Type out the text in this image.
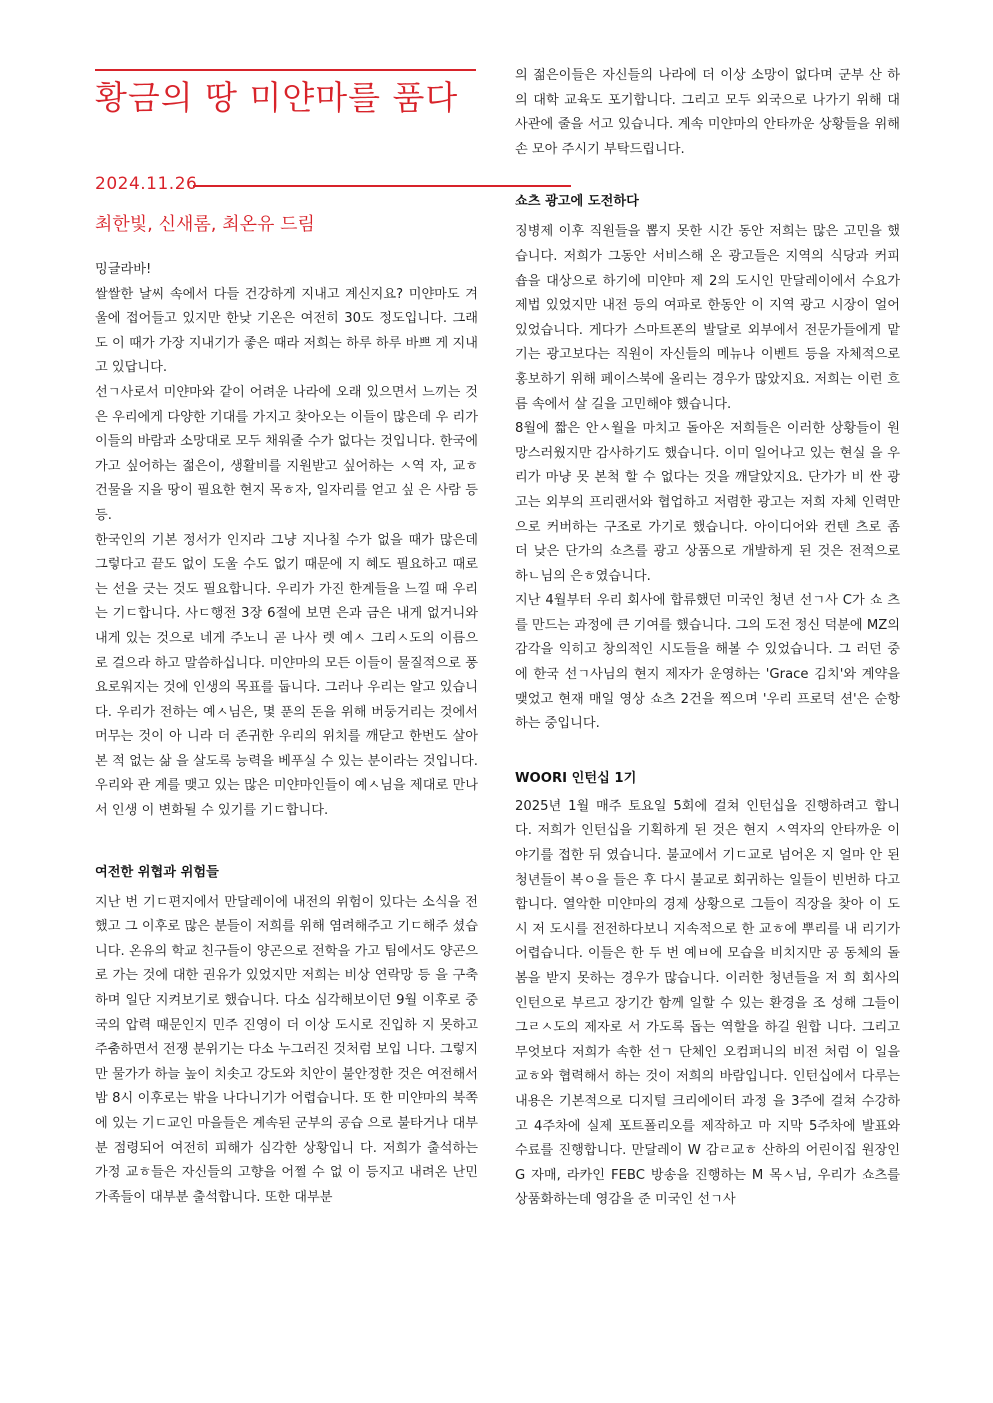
황금의 땅 미얀마를 품다
2024.11.26
최한빛, 신새롬, 최온유 드림

밍글라바!

쌀쌀한 날씨 속에서 다들 건강하게 지내고 계신지요? 미얀마도 겨울에 접어들고 있지만 한낮 기온은 여전히 30도 정도입니다. 그래도 이 때가 가장 지내기가 좋은 때라 저희는 하루 하루 바쁘 게 지내고 있답니다.

선ㄱ사로서 미얀마와 같이 어려운 나라에 오래 있으면서 느끼는 것은 우리에게 다양한 기대를 가지고 찾아오는 이들이 많은데 우 리가 이들의 바람과 소망대로 모두 채워줄 수가 없다는 것입니다. 한국에 가고 싶어하는 젊은이, 생활비를 지원받고 싶어하는 ㅅ역 자, 교ㅎ 건물을 지을 땅이 필요한 현지 목ㅎ자, 일자리를 얻고 싶 은 사람 등등.

한국인의 기본 정서가 인지라 그냥 지나칠 수가 없을 때가 많은데 그렇다고 끝도 없이 도울 수도 없기 때문에 지 혜도 필요하고 때로는 선을 긋는 것도 필요합니다. 우리가 가진 한계들을 느낄 때 우리는 기ㄷ합니다. 사ㄷ행전 3장 6절에 보면 은과 금은 내게 없거니와 내게 있는 것으로 네게 주노니 곧 나사 렛 예ㅅ 그리ㅅ도의 이름으로 걸으라 하고 말씀하십니다. 미얀마의 모든 이들이 물질적으로 풍요로워지는 것에 인생의 목표를 둡니다. 그러나 우리는 알고 있습니다. 우리가 전하는 예ㅅ님은, 몇 푼의 돈을 위해 버둥거리는 것에서 머무는 것이 아 니라 더 존귀한 우리의 위치를 깨닫고 한번도 살아본 적 없는 삶 을 살도록 능력을 베푸실 수 있는 분이라는 것입니다. 우리와 관 계를 맺고 있는 많은 미얀마인들이 예ㅅ님을 제대로 만나서 인생 이 변화될 수 있기를 기ㄷ합니다.

여전한 위협과 위험들

지난 번 기ㄷ편지에서 만달레이에 내전의 위험이 있다는 소식을 전했고 그 이후로 많은 분들이 저희를 위해 염려해주고 기ㄷ해주 셨습니다. 온유의 학교 친구들이 양곤으로 전학을 가고 팀에서도 양곤으로 가는 것에 대한 권유가 있었지만 저희는 비상 연락망 등 을 구축하며 일단 지켜보기로 했습니다. 다소 심각해보이던 9월 이후로 중국의 압력 때문인지 민주 진영이 더 이상 도시로 진입하 지 못하고 주춤하면서 전쟁 분위기는 다소 누그러진 것처럼 보입 니다. 그렇지만 물가가 하늘 높이 치솟고 강도와 치안이 불안정한 것은 여전해서 밤 8시 이후로는 밖을 나다니기가 어렵습니다. 또 한 미얀마의 북쪽에 있는 기ㄷ교인 마을들은 계속된 군부의 공습 으로 불타거나 대부분 점령되어 여전히 피해가 심각한 상황입니 다. 저희가 출석하는 가정 교ㅎ들은 자신들의 고향을 어쩔 수 없 이 등지고 내려온 난민 가족들이 대부분 출석합니다. 또한 대부분

의 젊은이들은 자신들의 나라에 더 이상 소망이 없다며 군부 산 하의 대학 교육도 포기합니다. 그리고 모두 외국으로 나가기 위해 대사관에 줄을 서고 있습니다. 계속 미얀마의 안타까운 상황들을 위해 손 모아 주시기 부탁드립니다.

쇼츠 광고에 도전하다

징병제 이후 직원들을 뽑지 못한 시간 동안 저희는 많은 고민을 했 습니다. 저희가 그동안 서비스해 온 광고들은 지역의 식당과 커피 숍을 대상으로 하기에 미얀마 제 2의 도시인 만달레이에서 수요가 제법 있었지만 내전 등의 여파로 한동안 이 지역 광고 시장이 얼어 있었습니다. 게다가 스마트폰의 발달로 외부에서 전문가들에게 맡 기는 광고보다는 직원이 자신들의 메뉴나 이벤트 등을 자체적으로 홍보하기 위해 페이스북에 올리는 경우가 많았지요. 저희는 이런 흐름 속에서 살 길을 고민해야 했습니다.

8월에 짧은 안ㅅ월을 마치고 돌아온 저희들은 이러한 상황들이 원망스러웠지만 감사하기도 했습니다. 이미 일어나고 있는 현실 을 우리가 마냥 못 본척 할 수 없다는 것을 깨달았지요. 단가가 비 싼 광고는 외부의 프리랜서와 협업하고 저렴한 광고는 저희 자체 인력만으로 커버하는 구조로 가기로 했습니다. 아이디어와 컨텐 츠로 좀 더 낮은 단가의 쇼츠를 광고 상품으로 개발하게 된 것은 전적으로 하ㄴ님의 은ㅎ였습니다.

지난 4월부터 우리 회사에 합류했던 미국인 청년 선ㄱ사 C가 쇼 츠를 만드는 과정에 큰 기여를 했습니다. 그의 도전 정신 덕분에 MZ의 감각을 익히고 창의적인 시도들을 해볼 수 있었습니다. 그 러던 중에 한국 선ㄱ사님의 현지 제자가 운영하는 'Grace 김치'와 계약을 맺었고 현재 매일 영상 쇼츠 2건을 찍으며 '우리 프로덕 션'은 순항하는 중입니다.

WOORI 인턴십 1기

2025년 1월 매주 토요일 5회에 걸쳐 인턴십을 진행하려고 합니 다. 저희가 인턴십을 기획하게 된 것은 현지 ㅅ역자의 안타까운 이 야기를 접한 뒤 였습니다. 불교에서 기ㄷ교로 넘어온 지 얼마 안 된 청년들이 복ㅇ을 들은 후 다시 불교로 회귀하는 일들이 빈번하 다고 합니다. 열악한 미얀마의 경제 상황으로 그들이 직장을 찾아 이 도시 저 도시를 전전하다보니 지속적으로 한 교ㅎ에 뿌리를 내 리기가 어렵습니다. 이들은 한 두 번 예ㅂ에 모습을 비치지만 공 동체의 돌봄을 받지 못하는 경우가 많습니다. 이러한 청년들을 저 희 회사의 인턴으로 부르고 장기간 함께 일할 수 있는 환경을 조 성해 그들이 그ㄹㅅ도의 제자로 서 가도록 돕는 역할을 하길 원합 니다. 그리고 무엇보다 저희가 속한 선ㄱ 단체인 오컴퍼니의 비전 처럼 이 일을 교ㅎ와 협력해서 하는 것이 저희의 바람입니다. 인턴십에서 다루는 내용은 기본적으로 디지털 크리에이터 과정 을 3주에 걸쳐 수강하고 4주차에 실제 포트폴리오를 제작하고 마 지막 5주차에 발표와 수료를 진행합니다. 만달레이 W 감ㄹ교ㅎ 산하의 어린이집 원장인 G 자매, 라카인 FEBC 방송을 진행하는 M 목ㅅ님, 우리가 쇼츠를 상품화하는데 영감을 준 미국인 선ㄱ사
